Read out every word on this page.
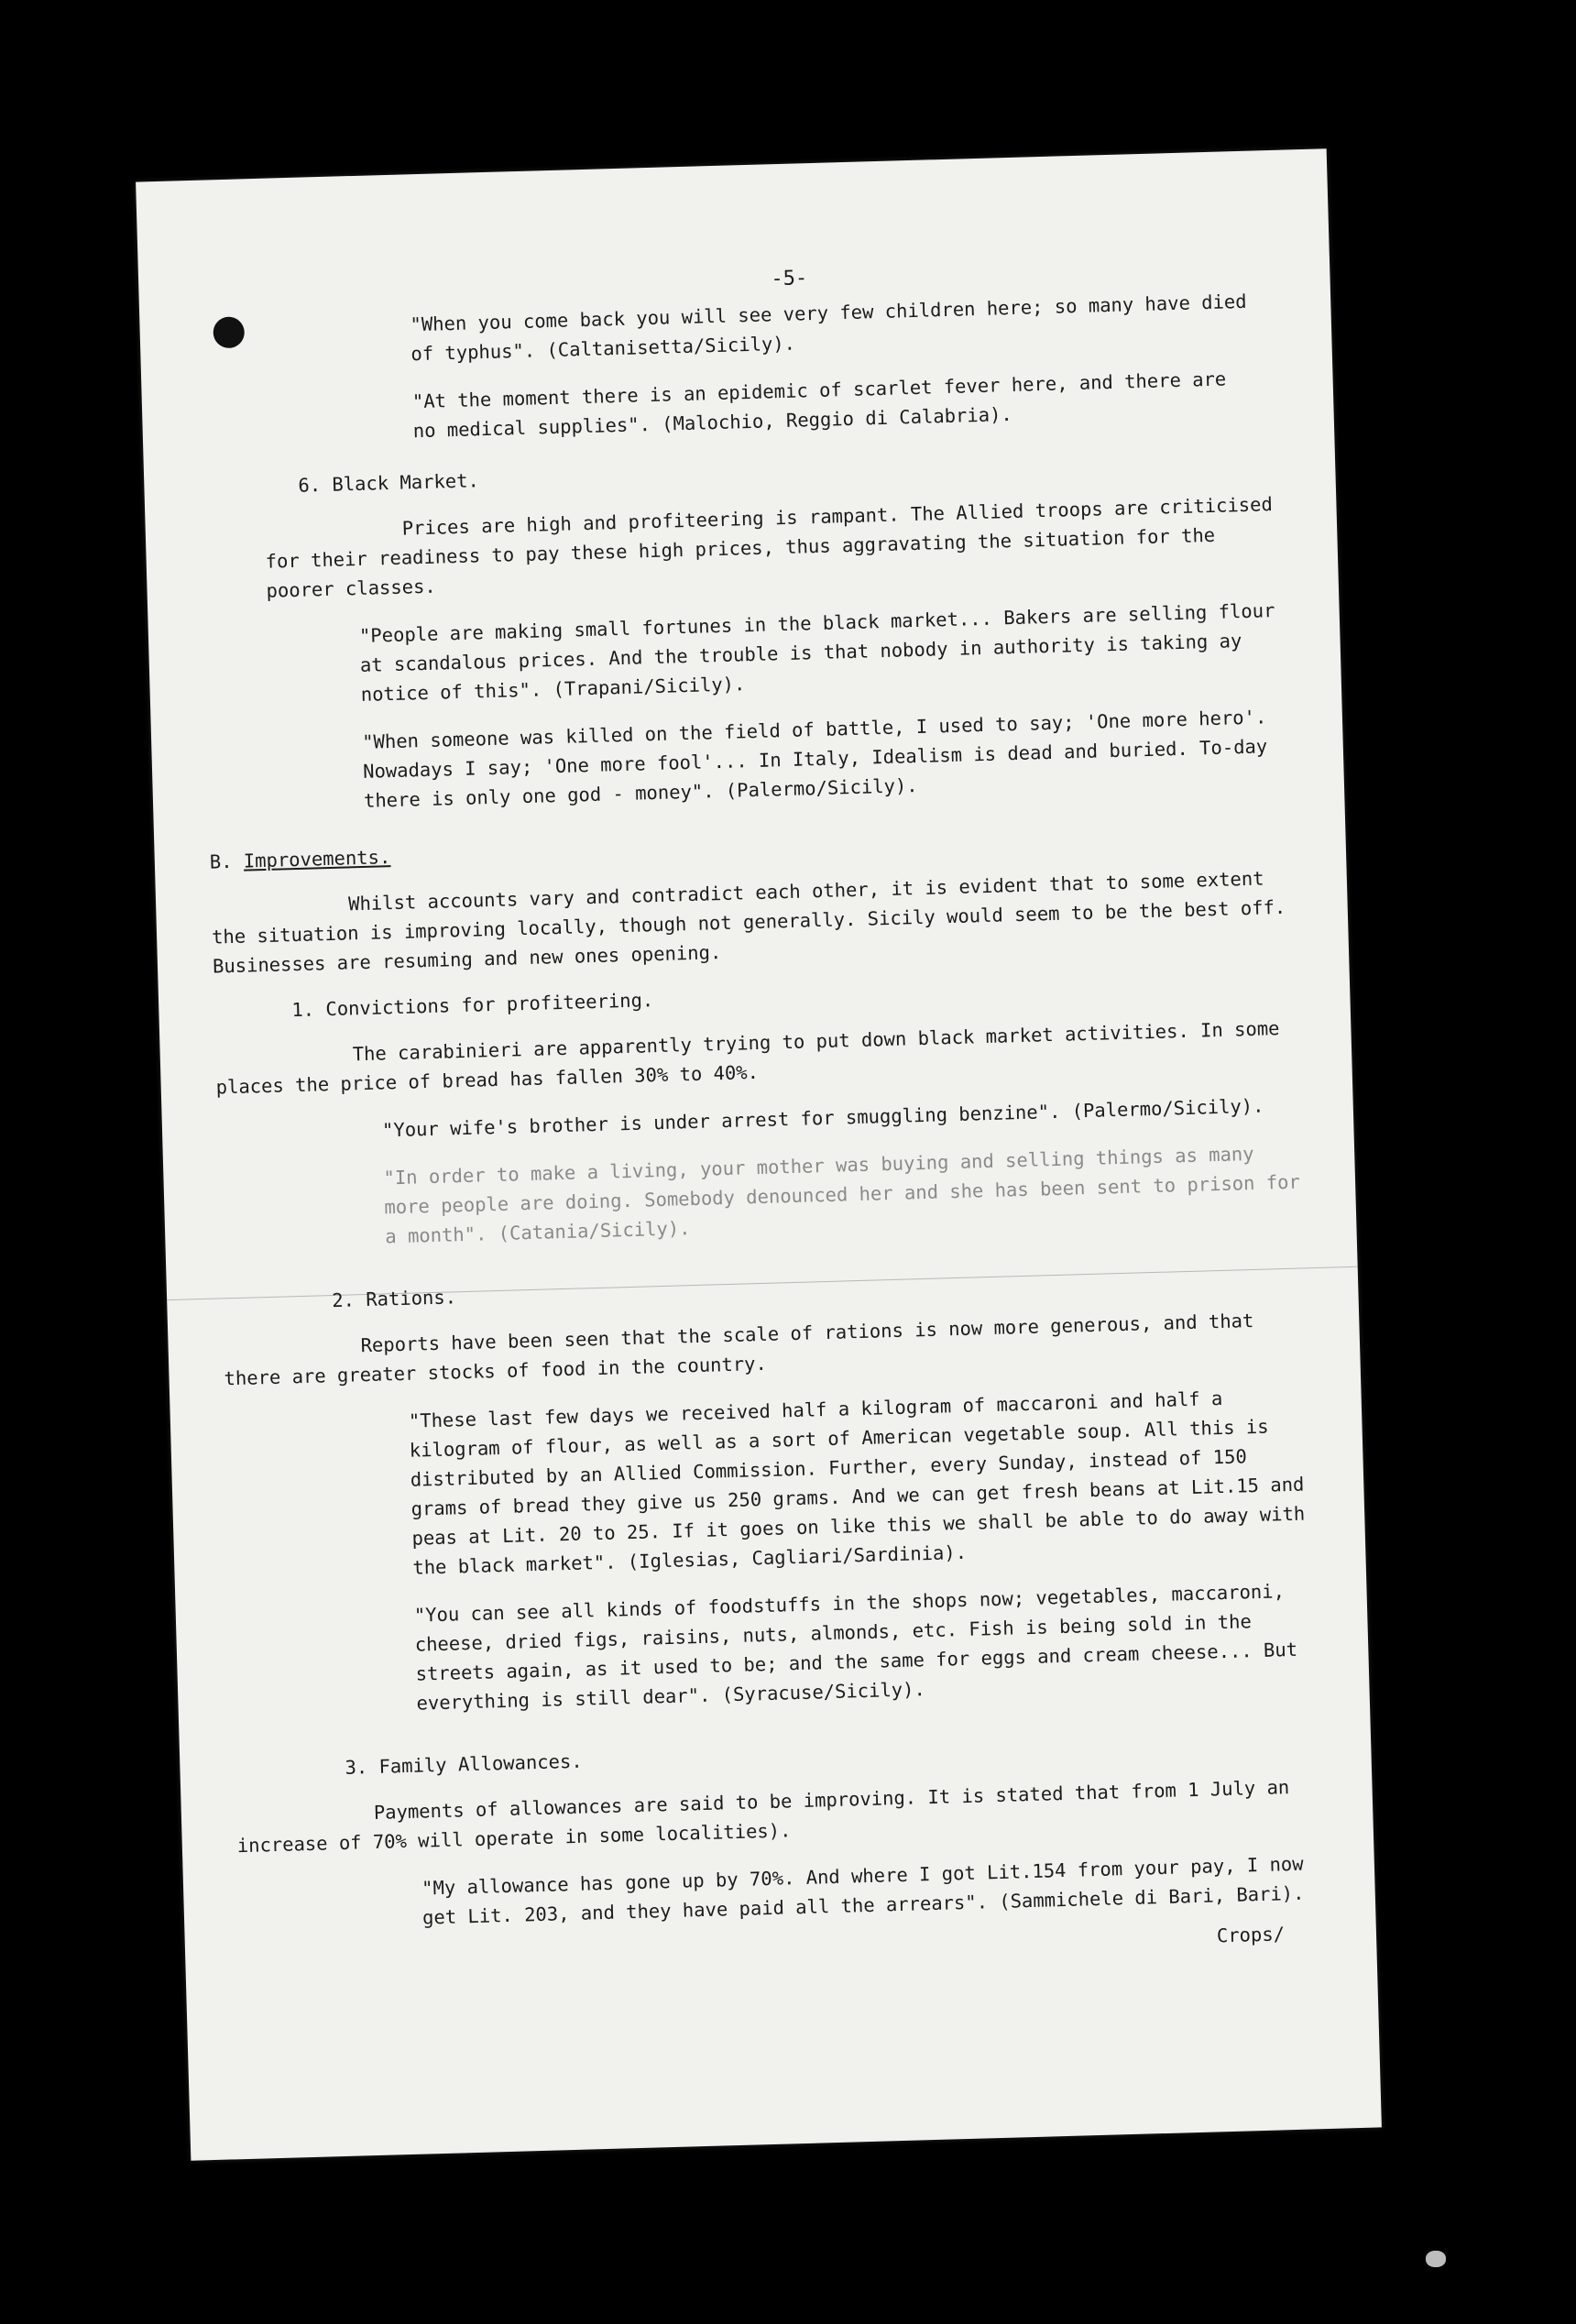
-5-

"When you come back you will see very few children here; so many have died of typhus". (Caltanisetta/Sicily).

"At the moment there is an epidemic of scarlet fever here, and there are no medical supplies". (Malochio, Reggio di Calabria).

6. Black Market.

Prices are high and profiteering is rampant. The Allied troops are criticised for their readiness to pay these high prices, thus aggravating the situation for the poorer classes.

"People are making small fortunes in the black market... Bakers are selling flour at scandalous prices. And the trouble is that nobody in authority is taking ay notice of this". (Trapani/Sicily).

"When someone was killed on the field of battle, I used to say; 'One more hero'. Nowadays I say; 'One more fool'... In Italy, Idealism is dead and buried. To-day there is only one god - money". (Palermo/Sicily).

B. Improvements.

Whilst accounts vary and contradict each other, it is evident that to some extent the situation is improving locally, though not generally. Sicily would seem to be the best off. Businesses are resuming and new ones opening.

1. Convictions for profiteering.

The carabinieri are apparently trying to put down black market activities. In some places the price of bread has fallen 30% to 40%.

"Your wife's brother is under arrest for smuggling benzine". (Palermo/Sicily).

"In order to make a living, your mother was buying and selling things as many more people are doing. Somebody denounced her and she has been sent to prison for a month". (Catania/Sicily).

2. Rations.

Reports have been seen that the scale of rations is now more generous, and that there are greater stocks of food in the country.

"These last few days we received half a kilogram of maccaroni and half a kilogram of flour, as well as a sort of American vegetable soup. All this is distributed by an Allied Commission. Further, every Sunday, instead of 150 grams of bread they give us 250 grams. And we can get fresh beans at Lit.15 and peas at Lit. 20 to 25. If it goes on like this we shall be able to do away with the black market". (Iglesias, Cagliari/Sardinia).

"You can see all kinds of foodstuffs in the shops now; vegetables, maccaroni, cheese, dried figs, raisins, nuts, almonds, etc. Fish is being sold in the streets again, as it used to be; and the same for eggs and cream cheese... But everything is still dear". (Syracuse/Sicily).

3. Family Allowances.

Payments of allowances are said to be improving. It is stated that from 1 July an increase of 70% will operate in some localities).

"My allowance has gone up by 70%. And where I got Lit.154 from your pay, I now get Lit. 203, and they have paid all the arrears". (Sammichele di Bari, Bari).

Crops/
